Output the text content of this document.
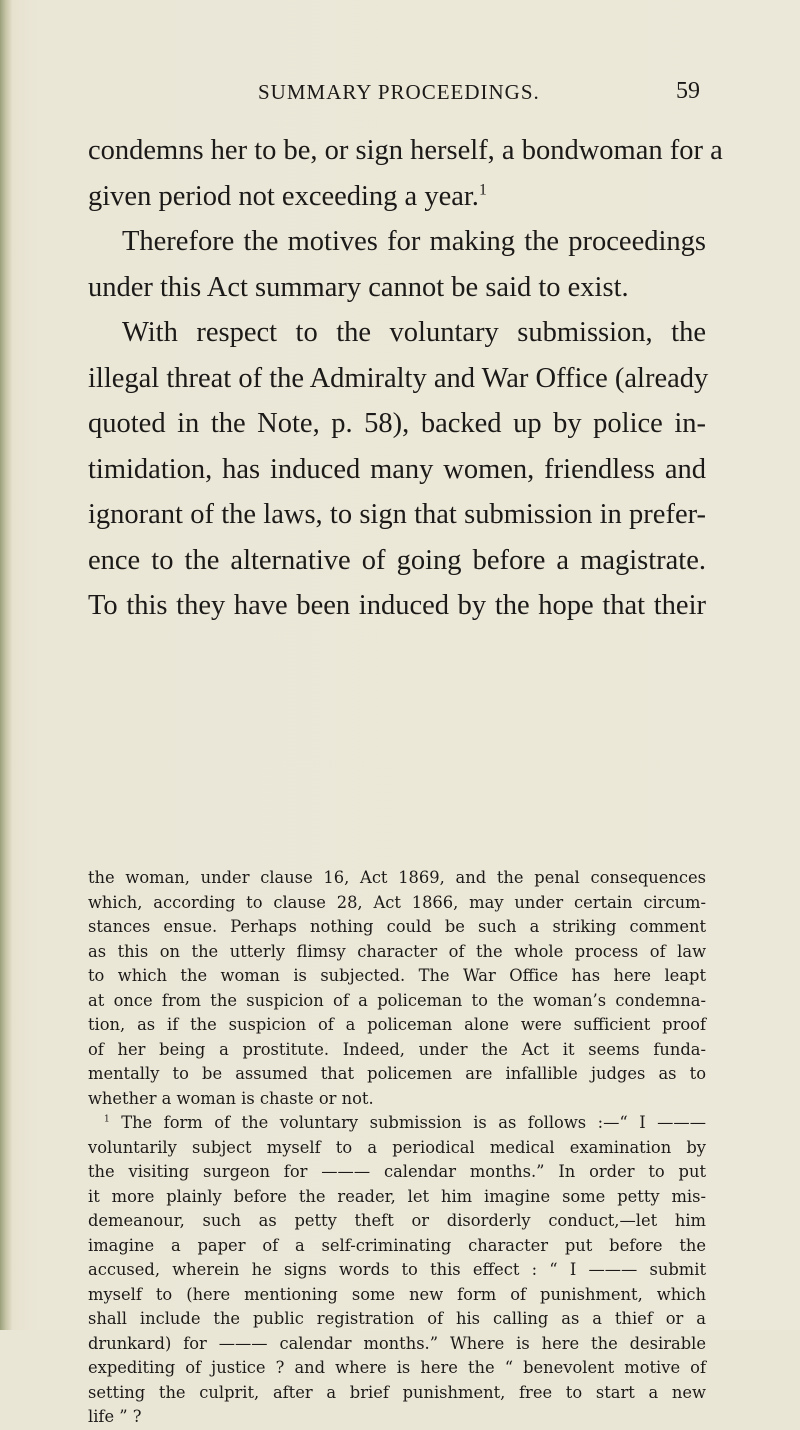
SUMMARY PROCEEDINGS.	59
condemns her to be, or sign herself, a bondwoman for a
given period not exceeding a year.$^1$
Therefore the motives for making the proceedings
under this Act summary cannot be said to exist.
With respect to the voluntary submission, the
illegal threat of the Admiralty and War Office (already
quoted in the Note, p. 58), backed up by police in-
timidation, has induced many women, friendless and
ignorant of the laws, to sign that submission in prefer-
ence to the alternative of going before a magistrate.
To this they have been induced by the hope that their
the woman, under clause 16, Act 1869, and the penal consequences
which, according to clause 28, Act 1866, may under certain circum-
stances ensue. Perhaps nothing could be such a striking comment
as this on the utterly flimsy character of the whole process of law
to which the woman is subjected. The War Office has here leapt
at once from the suspicion of a policeman to the woman’s condemna-
tion, as if the suspicion of a policeman alone were sufficient proof
of her being a prostitute. Indeed, under the Act it seems funda-
mentally to be assumed that policemen are infallible judges as to
whether a woman is chaste or not.
$^1$ The form of the voluntary submission is as follows :—“ I ———
voluntarily subject myself to a periodical medical examination by
the visiting surgeon for ——— calendar months.” In order to put
it more plainly before the reader, let him imagine some petty mis-
demeanour, such as petty theft or disorderly conduct,—let him
imagine a paper of a self-criminating character put before the
accused, wherein he signs words to this effect : “ I ——— submit
myself to (here mentioning some new form of punishment, which
shall include the public registration of his calling as a thief or a
drunkard) for ——— calendar months.” Where is here the desirable
expediting of justice ? and where is here the “ benevolent motive of
setting the culprit, after a brief punishment, free to start a new
life ” ?
